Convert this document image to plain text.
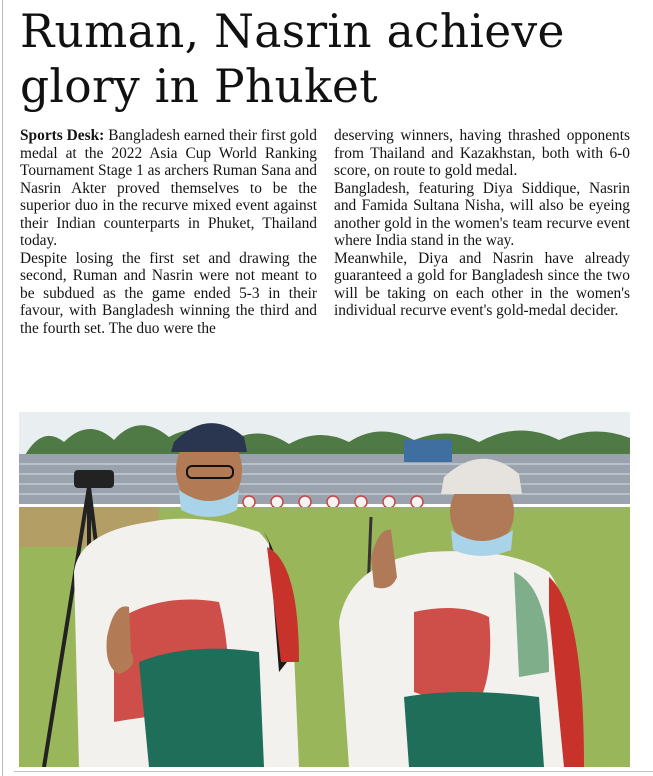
Ruman, Nasrin achieve glory in Phuket

Sports Desk: Bangladesh earned their first gold medal at the 2022 Asia Cup World Ranking Tournament Stage 1 as archers Ruman Sana and Nasrin Akter proved themselves to be the superior duo in the recurve mixed event against their Indian counterparts in Phuket, Thailand today.

Despite losing the first set and drawing the second, Ruman and Nasrin were not meant to be subdued as the game ended 5-3 in their favour, with Bangladesh winning the third and the fourth set. The duo were the

deserving winners, having thrashed opponents from Thailand and Kazakhstan, both with 6-0 score, on route to gold medal.

Bangladesh, featuring Diya Siddique, Nasrin and Famida Sultana Nisha, will also be eyeing another gold in the women's team recurve event where India stand in the way.

Meanwhile, Diya and Nasrin have already guaranteed a gold for Bangladesh since the two will be taking on each other in the women's individual recurve event's gold-medal decider.
